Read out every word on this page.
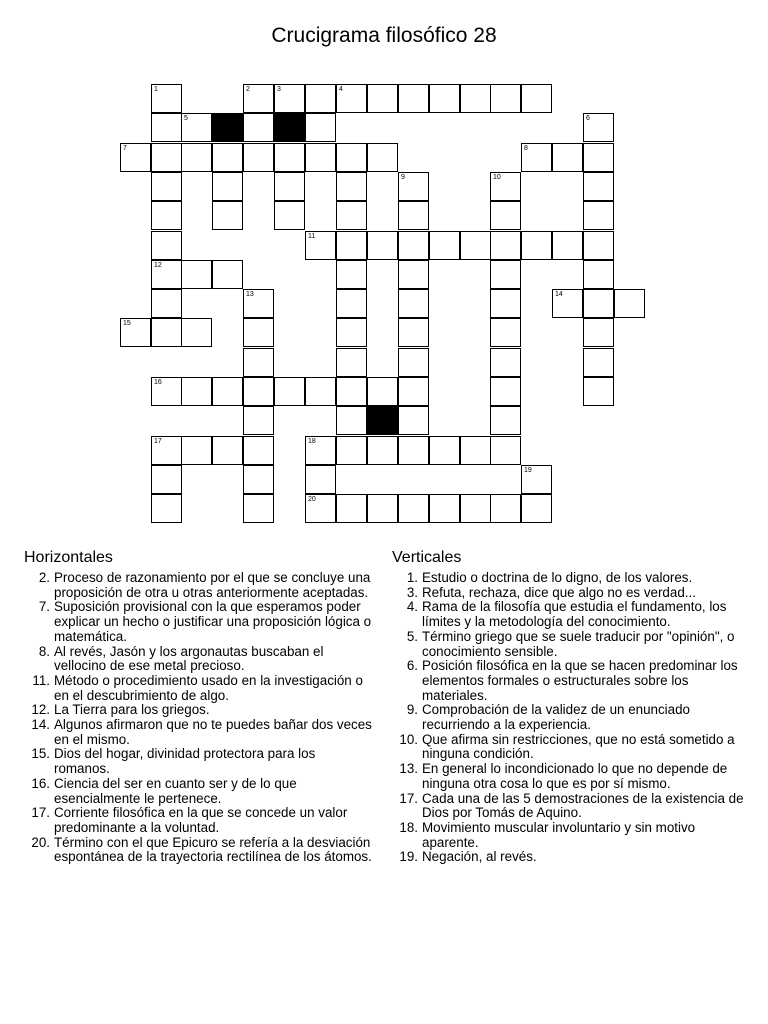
Crucigrama filosófico 28
1	2	3	4
5	6
7	8
9	10
11
12
13	14
15
16
17	18
19
20
Horizontales
2. Proceso de razonamiento por el que se concluye una proposición de otra u otras anteriormente aceptadas.
7. Suposición provisional con la que esperamos poder explicar un hecho o justificar una proposición lógica o matemática.
8. Al revés, Jasón y los argonautas buscaban el vellocino de ese metal precioso.
11. Método o procedimiento usado en la investigación o en el descubrimiento de algo.
12. La Tierra para los griegos.
14. Algunos afirmaron que no te puedes bañar dos veces en el mismo.
15. Dios del hogar, divinidad protectora para los romanos.
16. Ciencia del ser en cuanto ser y de lo que esencialmente le pertenece.
17. Corriente filosófica en la que se concede un valor predominante a la voluntad.
20. Término con el que Epicuro se refería a la desviación espontánea de la trayectoria rectilínea de los átomos.
Verticales
1. Estudio o doctrina de lo digno, de los valores.
3. Refuta, rechaza, dice que algo no es verdad...
4. Rama de la filosofía que estudia el fundamento, los límites y la metodología del conocimiento.
5. Término griego que se suele traducir por "opinión", o conocimiento sensible.
6. Posición filosófica en la que se hacen predominar los elementos formales o estructurales sobre los materiales.
9. Comprobación de la validez de un enunciado recurriendo a la experiencia.
10. Que afirma sin restricciones, que no está sometido a ninguna condición.
13. En general lo incondicionado lo que no depende de ninguna otra cosa lo que es por sí mismo.
17. Cada una de las 5 demostraciones de la existencia de Dios por Tomás de Aquino.
18. Movimiento muscular involuntario y sin motivo aparente.
19. Negación, al revés.
